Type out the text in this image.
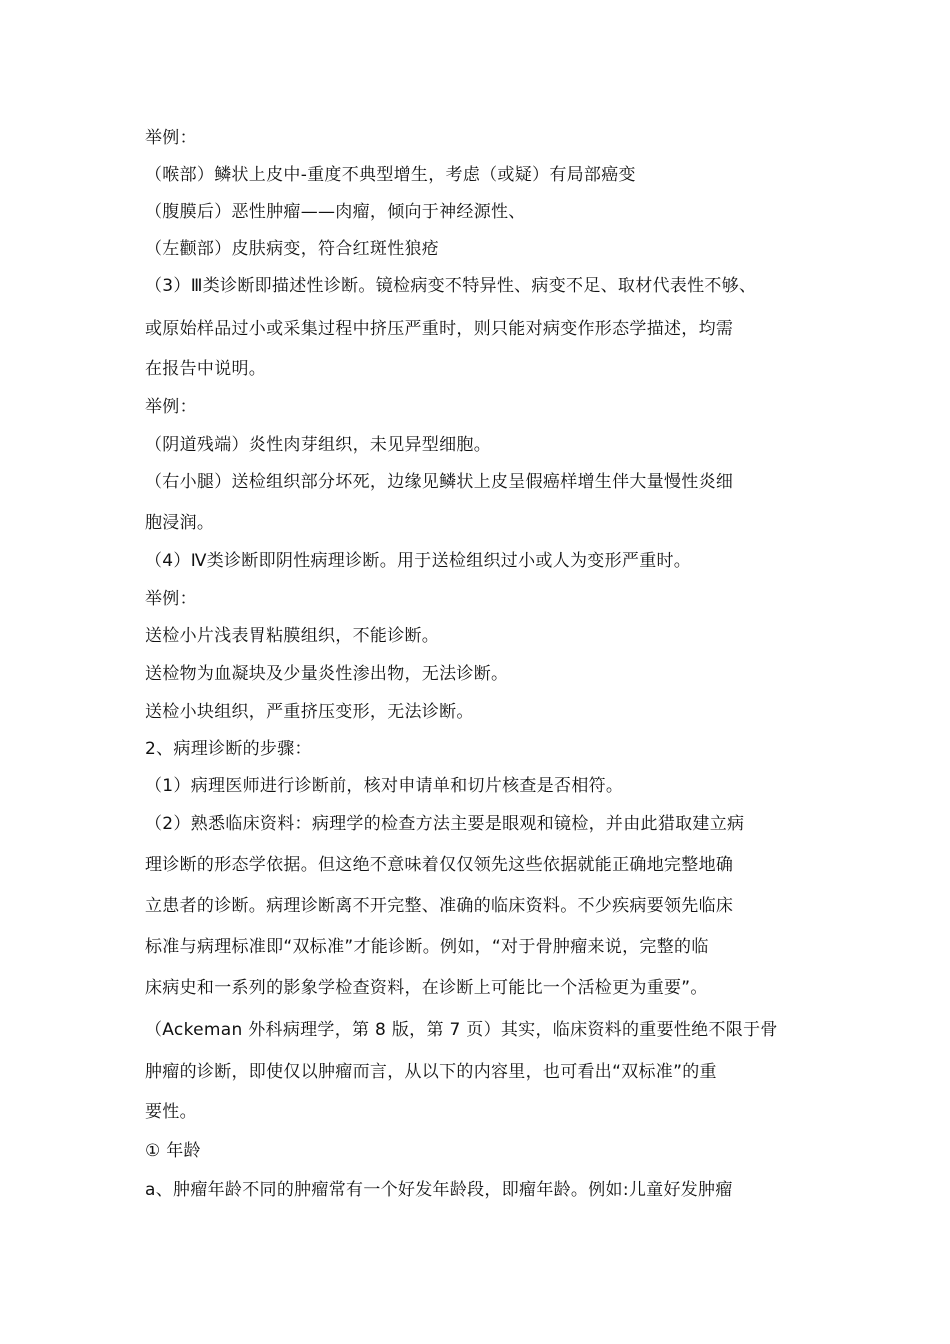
举例：
（喉部）鳞状上皮中-重度不典型增生，考虑（或疑）有局部癌变
（腹膜后）恶性肿瘤——肉瘤，倾向于神经源性、
（左颧部）皮肤病变，符合红斑性狼疮
（3）Ⅲ类诊断即描述性诊断。镜检病变不特异性、病变不足、取材代表性不够、
或原始样品过小或采集过程中挤压严重时，则只能对病变作形态学描述，均需
在报告中说明。
举例：
（阴道残端）炎性肉芽组织，未见异型细胞。
（右小腿）送检组织部分坏死，边缘见鳞状上皮呈假癌样增生伴大量慢性炎细
胞浸润。
（4）Ⅳ类诊断即阴性病理诊断。用于送检组织过小或人为变形严重时。
举例：
送检小片浅表胃粘膜组织，不能诊断。
送检物为血凝块及少量炎性渗出物，无法诊断。
送检小块组织，严重挤压变形，无法诊断。
2、病理诊断的步骤：
（1）病理医师进行诊断前，核对申请单和切片核查是否相符。
（2）熟悉临床资料：病理学的检查方法主要是眼观和镜检，并由此猎取建立病
理诊断的形态学依据。但这绝不意味着仅仅领先这些依据就能正确地完整地确
立患者的诊断。病理诊断离不开完整、准确的临床资料。不少疾病要领先临床
标准与病理标准即“双标准”才能诊断。例如，“对于骨肿瘤来说，完整的临
床病史和一系列的影象学检查资料，在诊断上可能比一个活检更为重要”。
（Ackeman 外科病理学，第 8 版，第 7 页）其实，临床资料的重要性绝不限于骨
肿瘤的诊断，即使仅以肿瘤而言，从以下的内容里，也可看出“双标准”的重
要性。
① 年龄
a、肿瘤年龄不同的肿瘤常有一个好发年龄段，即瘤年龄。例如:儿童好发肿瘤
